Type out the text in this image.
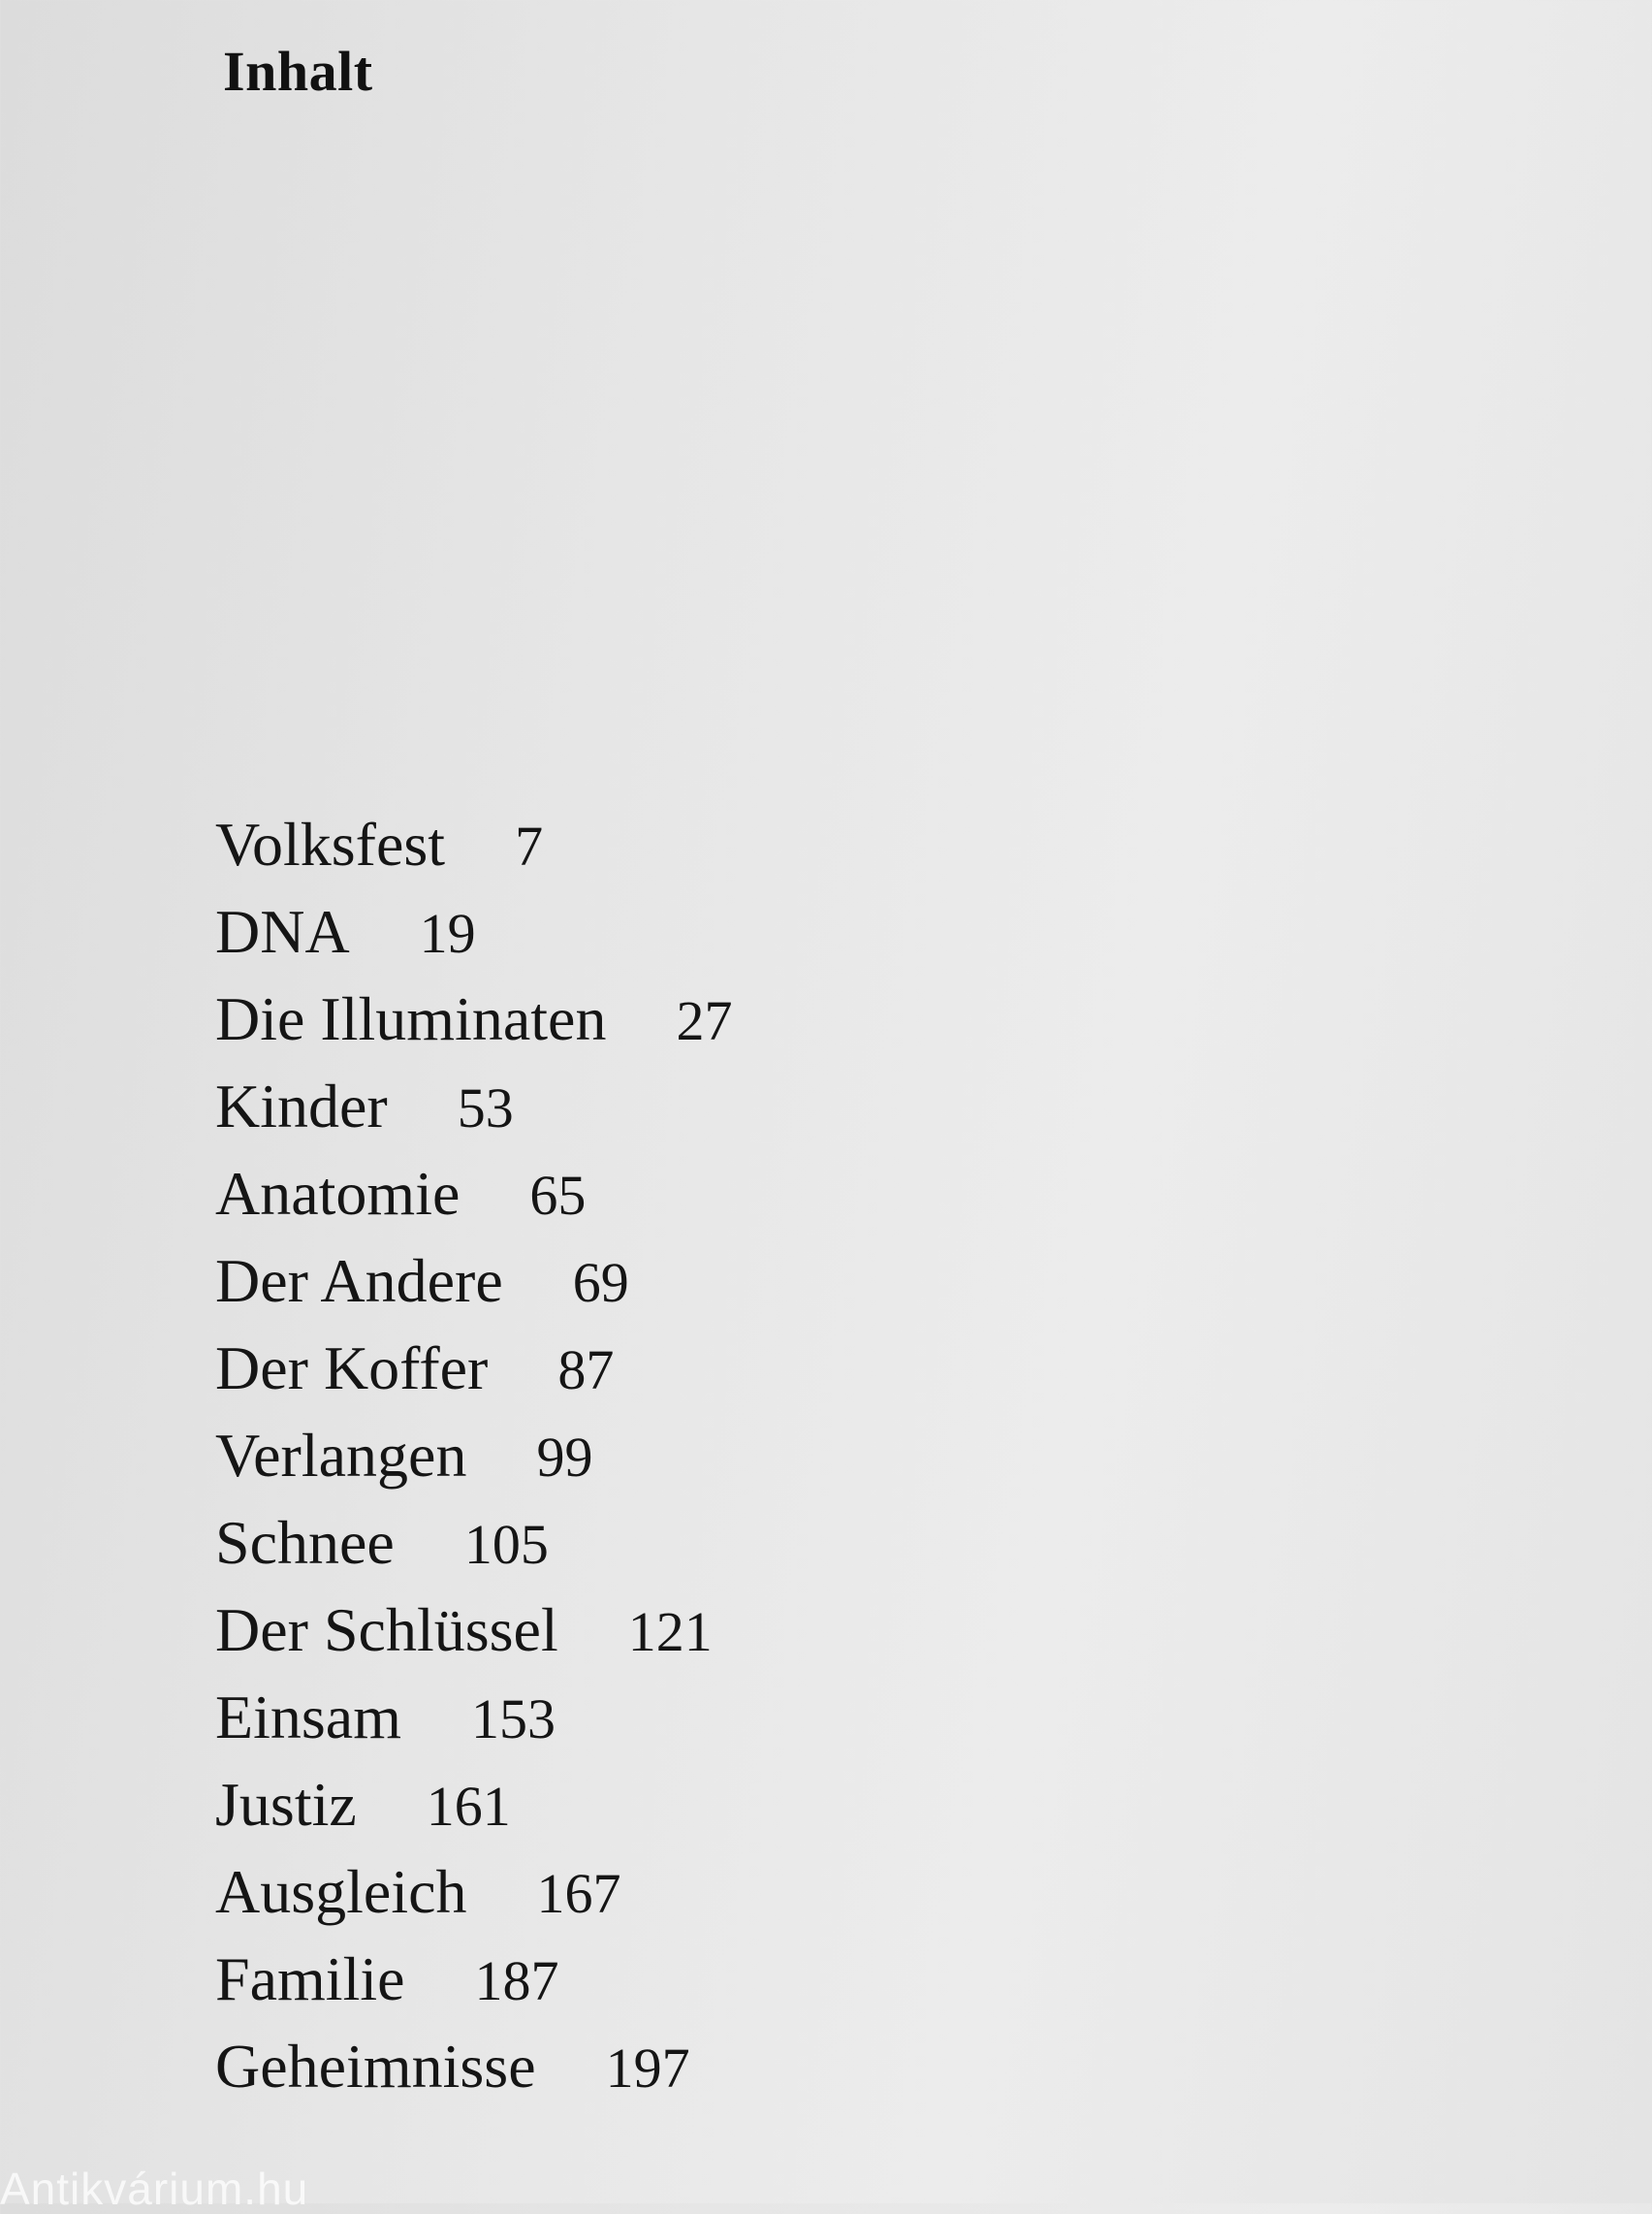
Inhalt
Volksfest 7
DNA 19
Die Illuminaten 27
Kinder 53
Anatomie 65
Der Andere 69
Der Koffer 87
Verlangen 99
Schnee 105
Der Schlüssel 121
Einsam 153
Justiz 161
Ausgleich 167
Familie 187
Geheimnisse 197
Antikvárium.hu
